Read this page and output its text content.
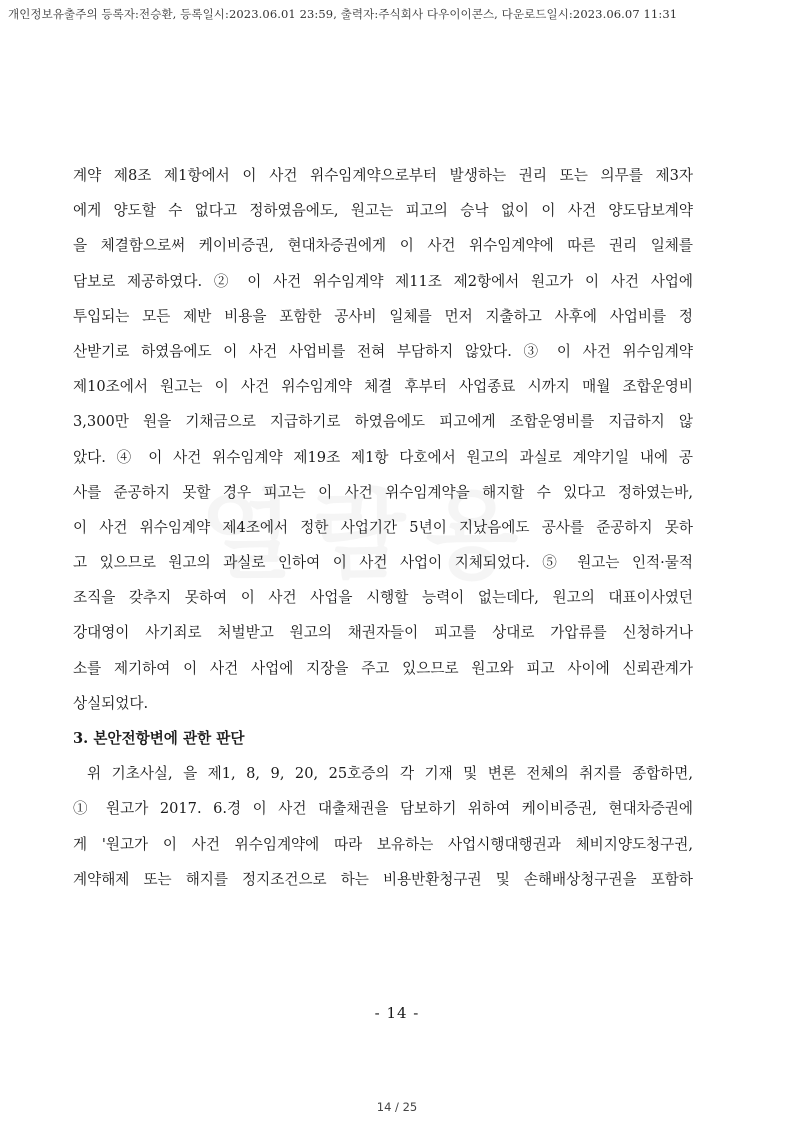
개인정보유출주의 등록자:전승환, 등록일시:2023.06.01 23:59, 출력자:주식회사 다우이이콘스, 다운로드일시:2023.06.07 11:31
계약 제8조 제1항에서 이 사건 위수임계약으로부터 발생하는 권리 또는 의무를 제3자
에게 양도할 수 없다고 정하였음에도, 원고는 피고의 승낙 없이 이 사건 양도담보계약
을 체결함으로써 케이비증권, 현대차증권에게 이 사건 위수임계약에 따른 권리 일체를
담보로 제공하였다. ② 이 사건 위수임계약 제11조 제2항에서 원고가 이 사건 사업에
투입되는 모든 제반 비용을 포함한 공사비 일체를 먼저 지출하고 사후에 사업비를 정
산받기로 하였음에도 이 사건 사업비를 전혀 부담하지 않았다. ③ 이 사건 위수임계약
제10조에서 원고는 이 사건 위수임계약 체결 후부터 사업종료 시까지 매월 조합운영비
3,300만 원을 기채금으로 지급하기로 하였음에도 피고에게 조합운영비를 지급하지 않
았다. ④ 이 사건 위수임계약 제19조 제1항 다호에서 원고의 과실로 계약기일 내에 공
사를 준공하지 못할 경우 피고는 이 사건 위수임계약을 해지할 수 있다고 정하였는바,
이 사건 위수임계약 제4조에서 정한 사업기간 5년이 지났음에도 공사를 준공하지 못하
고 있으므로 원고의 과실로 인하여 이 사건 사업이 지체되었다. ⑤ 원고는 인적·물적
조직을 갖추지 못하여 이 사건 사업을 시행할 능력이 없는데다, 원고의 대표이사였던
강대영이 사기죄로 처벌받고 원고의 채권자들이 피고를 상대로 가압류를 신청하거나
소를 제기하여 이 사건 사업에 지장을 주고 있으므로 원고와 피고 사이에 신뢰관계가
상실되었다.
3. 본안전항변에 관한 판단
위 기초사실, 을 제1, 8, 9, 20, 25호증의 각 기재 및 변론 전체의 취지를 종합하면,
① 원고가 2017. 6.경 이 사건 대출채권을 담보하기 위하여 케이비증권, 현대차증권에
게 '원고가 이 사건 위수임계약에 따라 보유하는 사업시행대행권과 체비지양도청구권,
계약해제 또는 해지를 정지조건으로 하는 비용반환청구권 및 손해배상청구권을 포함하
- 14 -
14 / 25
